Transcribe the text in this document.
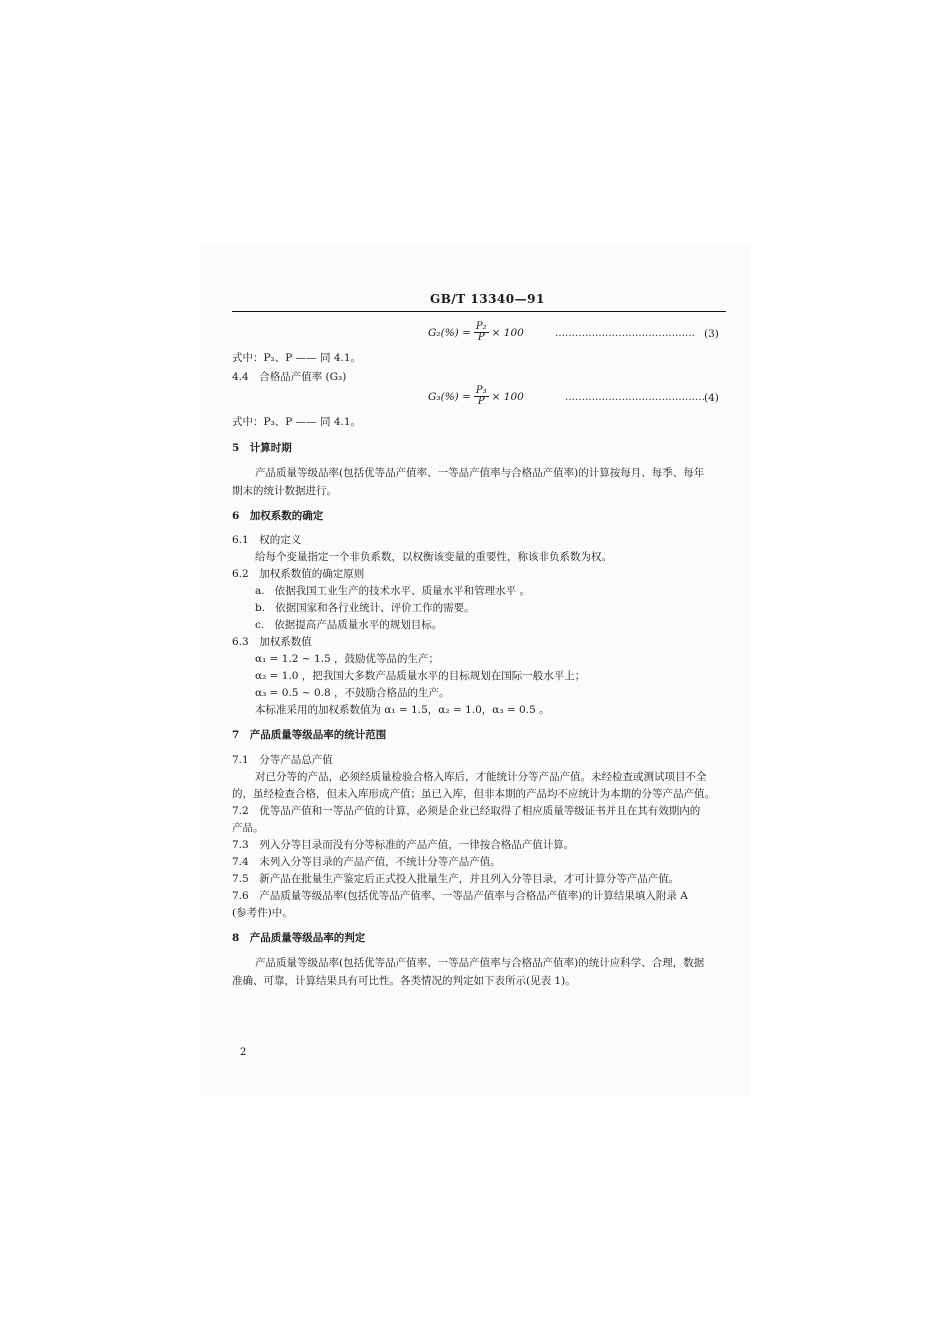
GB/T 13340—91
$G_2(\%) = \frac{\text{P₂}}{P} \times 100$	…………………………………… (3)
式中：P₂、P —— 同 4.1。
4.4　合格品产值率 (G₃)
$G_3(\%) = \frac{\text{P₃}}{P} \times 100$	…………………………………… (4)
式中：P₃、P —— 同 4.1。
5　计算时期
产品质量等级品率(包括优等品产值率、一等品产值率与合格品产值率)的计算按每月、每季、每年
期末的统计数据进行。
6　加权系数的确定
6.1　权的定义
给每个变量指定一个非负系数，以权衡该变量的重要性，称该非负系数为权。
6.2　加权系数值的确定原则
a. 依据我国工业生产的技术水平、质量水平和管理水平 。
b. 依据国家和各行业统计、评价工作的需要。
c. 依据提高产品质量水平的规划目标。
6.3　加权系数值
α₁ = 1.2 ~ 1.5 ，鼓励优等品的生产；
α₂ = 1.0 ，把我国大多数产品质量水平的目标规划在国际一般水平上；
α₃ = 0.5 ~ 0.8 ，不鼓励合格品的生产。
本标准采用的加权系数值为 α₁ = 1.5，α₂ = 1.0，α₃ = 0.5 。
7　产品质量等级品率的统计范围
7.1　分等产品总产值
对已分等的产品，必须经质量检验合格入库后，才能统计分等产品产值。未经检查或测试项目不全
的，虽经检查合格，但未入库形成产值；虽已入库，但非本期的产品均不应统计为本期的分等产品产值。
7.2　优等品产值和一等品产值的计算，必须是企业已经取得了相应质量等级证书并且在其有效期内的
产品。
7.3　列入分等目录而没有分等标准的产品产值，一律按合格品产值计算。
7.4　未列入分等目录的产品产值，不统计分等产品产值。
7.5　新产品在批量生产鉴定后正式投入批量生产，并且列入分等目录，才可计算分等产品产值。
7.6　产品质量等级品率(包括优等品产值率、一等品产值率与合格品产值率)的计算结果填入附录 A
(参考件)中。
8　产品质量等级品率的判定
产品质量等级品率(包括优等品产值率、一等品产值率与合格品产值率)的统计应科学、合理，数据
准确、可靠，计算结果具有可比性。各类情况的判定如下表所示(见表 1)。
2
